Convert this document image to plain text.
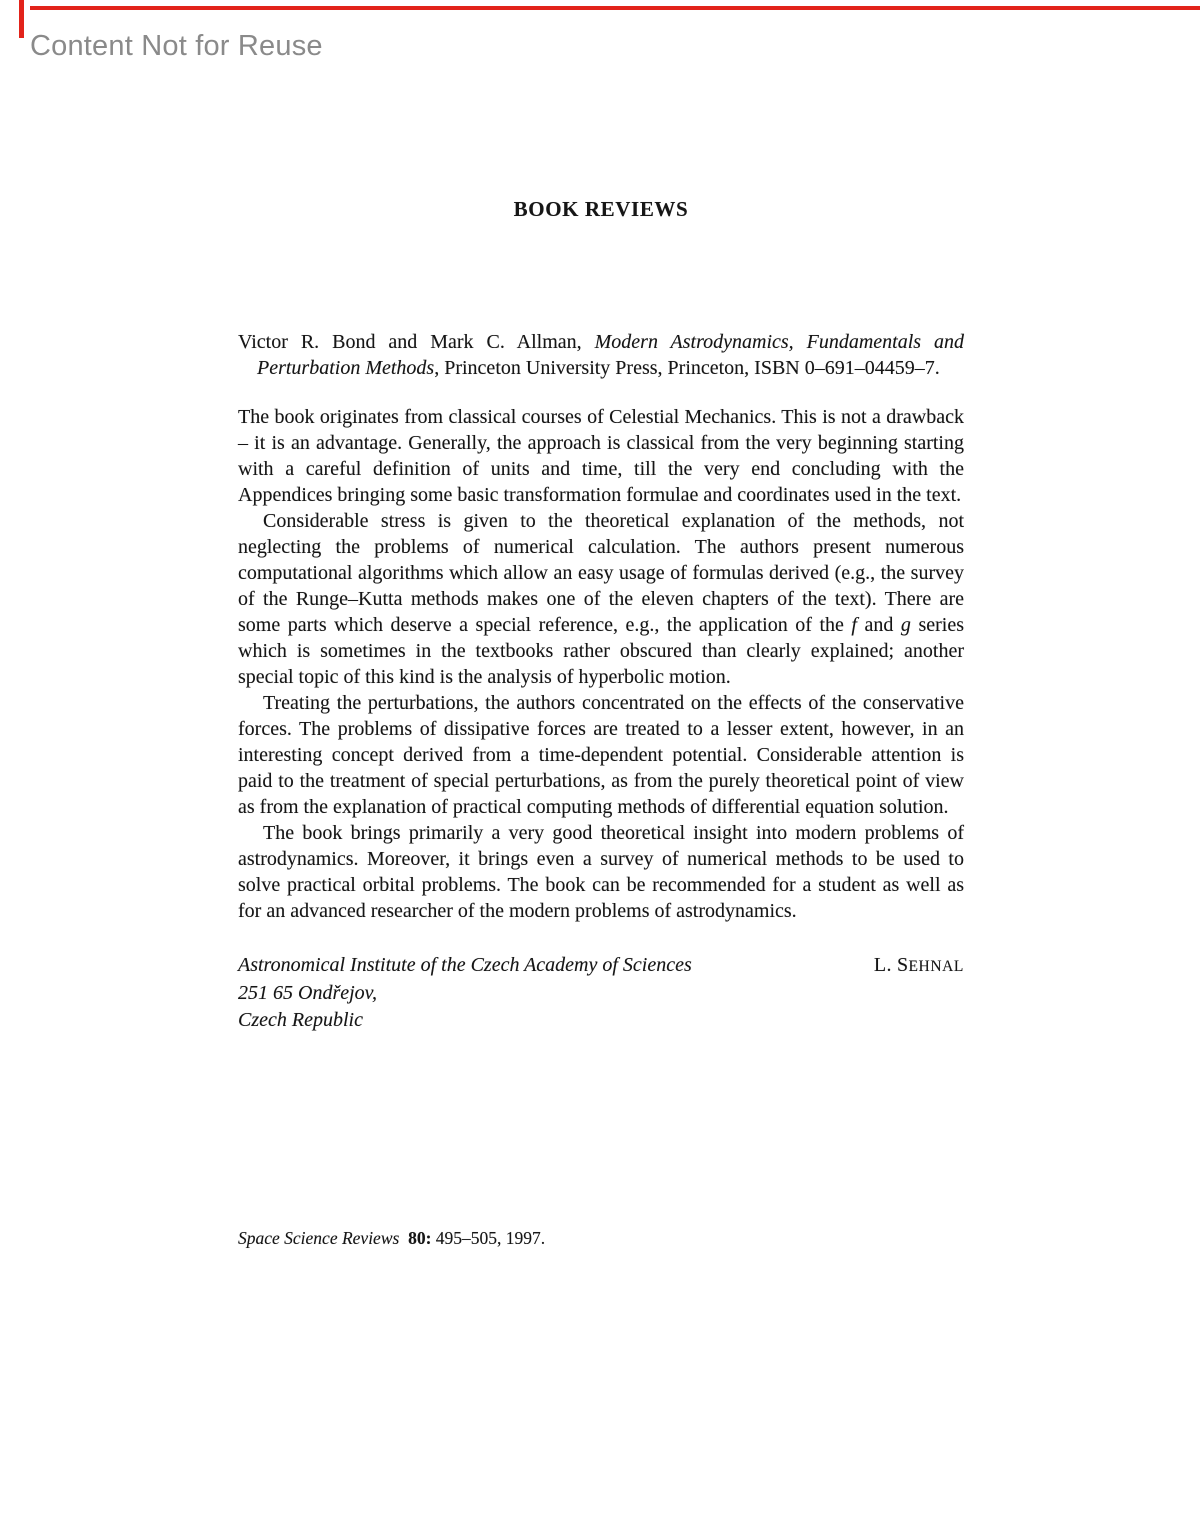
Content Not for Reuse
BOOK REVIEWS

Victor R. Bond and Mark C. Allman, Modern Astrodynamics, Fundamentals and Perturbation Methods, Princeton University Press, Princeton, ISBN 0–691–04459–7.

The book originates from classical courses of Celestial Mechanics. This is not a drawback – it is an advantage. Generally, the approach is classical from the very beginning starting with a careful definition of units and time, till the very end concluding with the Appendices bringing some basic transformation formulae and coordinates used in the text.

Considerable stress is given to the theoretical explanation of the methods, not neglecting the problems of numerical calculation. The authors present numerous computational algorithms which allow an easy usage of formulas derived (e.g., the survey of the Runge–Kutta methods makes one of the eleven chapters of the text). There are some parts which deserve a special reference, e.g., the application of the f and g series which is sometimes in the textbooks rather obscured than clearly explained; another special topic of this kind is the analysis of hyperbolic motion.

Treating the perturbations, the authors concentrated on the effects of the conservative forces. The problems of dissipative forces are treated to a lesser extent, however, in an interesting concept derived from a time-dependent potential. Considerable attention is paid to the treatment of special perturbations, as from the purely theoretical point of view as from the explanation of practical computing methods of differential equation solution.

The book brings primarily a very good theoretical insight into modern problems of astrodynamics. Moreover, it brings even a survey of numerical methods to be used to solve practical orbital problems. The book can be recommended for a student as well as for an advanced researcher of the modern problems of astrodynamics.

Astronomical Institute of the Czech Academy of Sciences	L. SEHNAL
251 65 Ondřejov,
Czech Republic
Space Science Reviews 80: 495–505, 1997.
